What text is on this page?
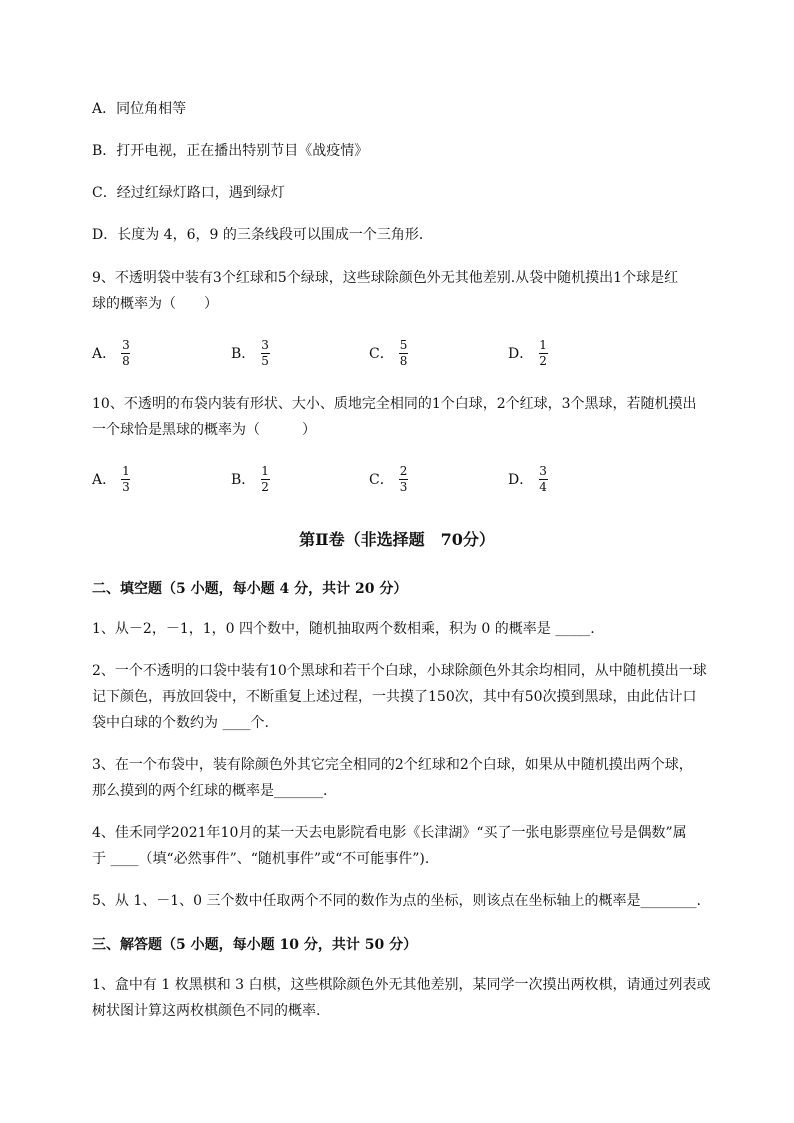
A．同位角相等
B．打开电视，正在播出特别节目《战疫情》
C．经过红绿灯路口，遇到绿灯
D．长度为 4，6，9 的三条线段可以围成一个三角形．
9、不透明袋中装有3个红球和5个绿球，这些球除颜色外无其他差别.从袋中随机摸出1个球是红
球的概率为（　　）
A． $\frac{3}{8}$	B． $\frac{3}{5}$	C． $\frac{5}{8}$	D． $\frac{1}{2}$
10、不透明的布袋内装有形状、大小、质地完全相同的1个白球，2个红球，3个黑球，若随机摸出
一个球恰是黑球的概率为（　　　）
A． $\frac{1}{3}$	B． $\frac{1}{2}$	C． $\frac{2}{3}$	D． $\frac{3}{4}$
第Ⅱ卷（非选择题　70分）
二、填空题（5 小题，每小题 4 分，共计 20 分）
1、从－2，－1，1，0 四个数中，随机抽取两个数相乘，积为 0 的概率是 _____.
2、一个不透明的口袋中装有10个黑球和若干个白球，小球除颜色外其余均相同，从中随机摸出一球
记下颜色，再放回袋中，不断重复上述过程，一共摸了150次，其中有50次摸到黑球，由此估计口
袋中白球的个数约为 ____个.
3、在一个布袋中，装有除颜色外其它完全相同的2个红球和2个白球，如果从中随机摸出两个球，
那么摸到的两个红球的概率是_______.
4、佳禾同学2021年10月的某一天去电影院看电影《长津湖》“买了一张电影票座位号是偶数”属
于 ____（填“必然事件”、“随机事件”或“不可能事件”).
5、从 1、－1、0 三个数中任取两个不同的数作为点的坐标，则该点在坐标轴上的概率是________.
三、解答题（5 小题，每小题 10 分，共计 50 分）
1、盒中有 1 枚黑棋和 3 白棋，这些棋除颜色外无其他差别，某同学一次摸出两枚棋，请通过列表或
树状图计算这两枚棋颜色不同的概率.
